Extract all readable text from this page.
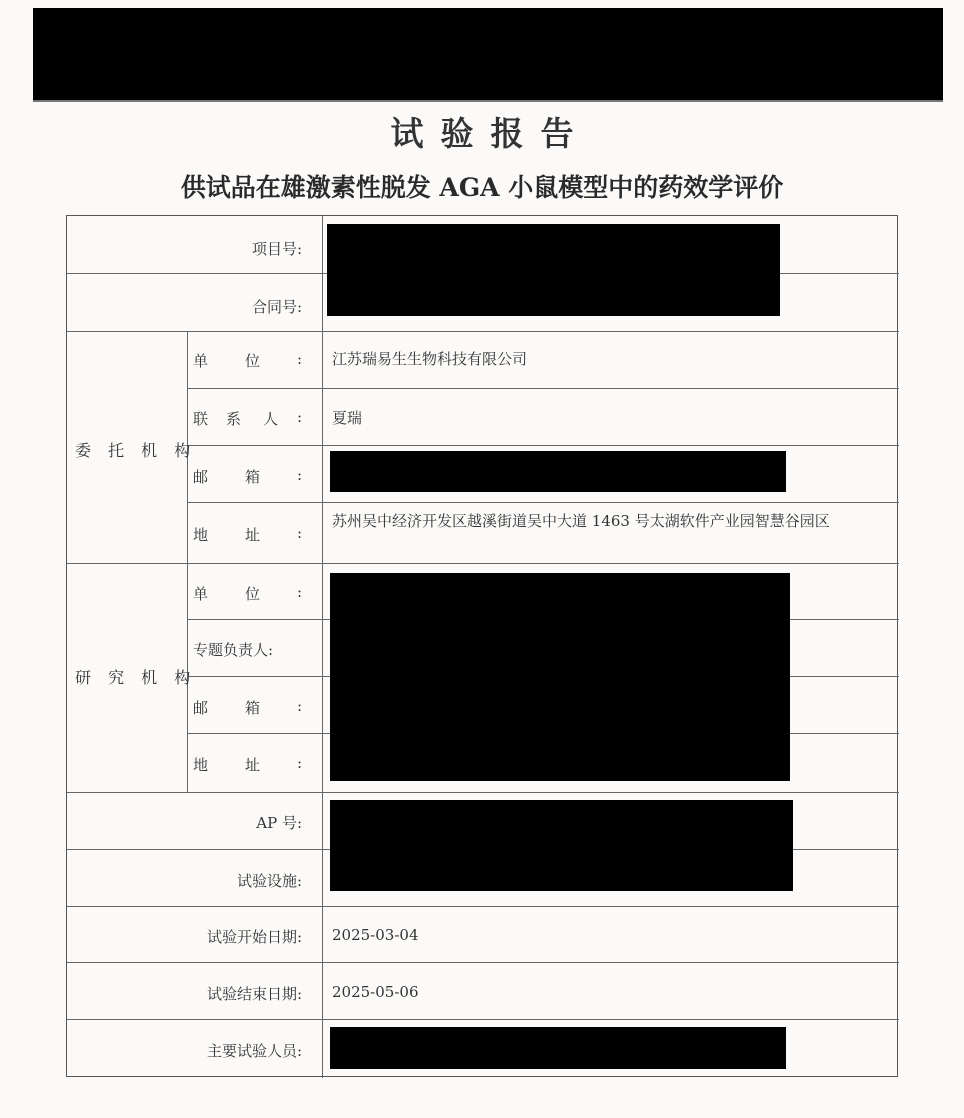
试验报告
供试品在雄激素性脱发 AGA 小鼠模型中的药效学评价
项目号:
合同号:
AP 号:
试验设施:
试验开始日期:
试验结束日期:
主要试验人员:
委 托 机 构
研 究 机 构
单 位 :
联 系 人 :
邮 箱 :
地 址 :
单 位 :
专题负责人:
邮 箱 :
地 址 :
江苏瑞易生生物科技有限公司
夏瑞
苏州吴中经济开发区越溪街道吴中大道 1463 号太湖软件产业园智慧谷园区
2025-03-04
2025-05-06
